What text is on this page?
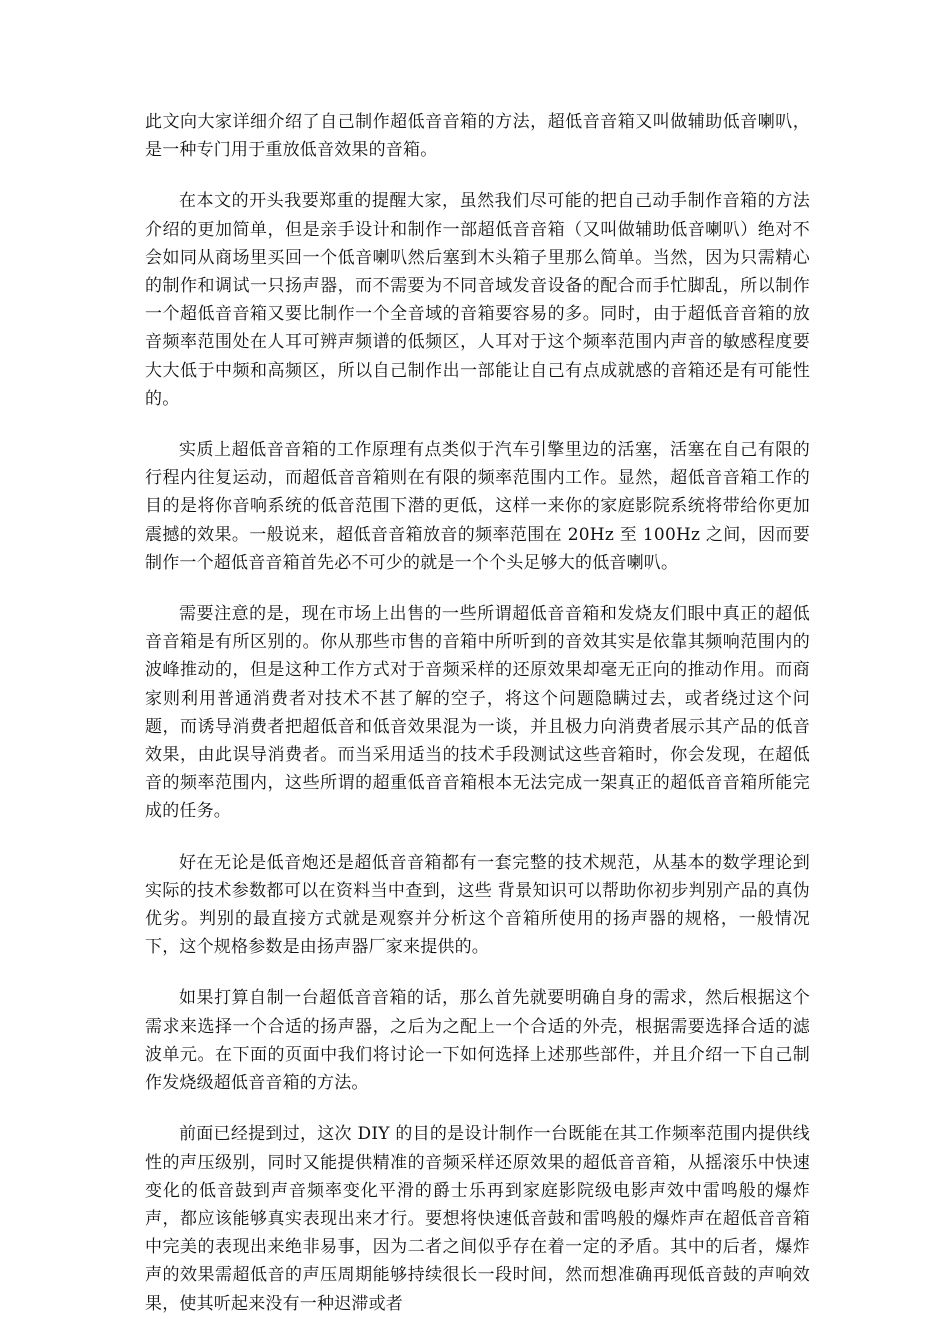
此文向大家详细介绍了自己制作超低音音箱的方法，超低音音箱又叫做辅助低音喇叭，是一种专门用于重放低音效果的音箱。

在本文的开头我要郑重的提醒大家，虽然我们尽可能的把自己动手制作音箱的方法介绍的更加简单，但是亲手设计和制作一部超低音音箱（又叫做辅助低音喇叭）绝对不会如同从商场里买回一个低音喇叭然后塞到木头箱子里那么简单。当然，因为只需精心的制作和调试一只扬声器，而不需要为不同音域发音设备的配合而手忙脚乱，所以制作一个超低音音箱又要比制作一个全音域的音箱要容易的多。同时，由于超低音音箱的放音频率范围处在人耳可辨声频谱的低频区，人耳对于这个频率范围内声音的敏感程度要大大低于中频和高频区，所以自己制作出一部能让自己有点成就感的音箱还是有可能性的。

实质上超低音音箱的工作原理有点类似于汽车引擎里边的活塞，活塞在自己有限的行程内往复运动，而超低音音箱则在有限的频率范围内工作。显然，超低音音箱工作的目的是将你音响系统的低音范围下潜的更低，这样一来你的家庭影院系统将带给你更加震撼的效果。一般说来，超低音音箱放音的频率范围在 20Hz 至 100Hz 之间，因而要制作一个超低音音箱首先必不可少的就是一个个头足够大的低音喇叭。

需要注意的是，现在市场上出售的一些所谓超低音音箱和发烧友们眼中真正的超低音音箱是有所区别的。你从那些市售的音箱中所听到的音效其实是依靠其频响范围内的波峰推动的，但是这种工作方式对于音频采样的还原效果却毫无正向的推动作用。而商家则利用普通消费者对技术不甚了解的空子，将这个问题隐瞒过去，或者绕过这个问题，而诱导消费者把超低音和低音效果混为一谈，并且极力向消费者展示其产品的低音效果，由此误导消费者。而当采用适当的技术手段测试这些音箱时，你会发现，在超低音的频率范围内，这些所谓的超重低音音箱根本无法完成一架真正的超低音音箱所能完成的任务。

好在无论是低音炮还是超低音音箱都有一套完整的技术规范，从基本的数学理论到实际的技术参数都可以在资料当中查到，这些 背景知识可以帮助你初步判别产品的真伪优劣。判别的最直接方式就是观察并分析这个音箱所使用的扬声器的规格，一般情况下，这个规格参数是由扬声器厂家来提供的。

如果打算自制一台超低音音箱的话，那么首先就要明确自身的需求，然后根据这个需求来选择一个合适的扬声器，之后为之配上一个合适的外壳，根据需要选择合适的滤波单元。在下面的页面中我们将讨论一下如何选择上述那些部件，并且介绍一下自己制作发烧级超低音音箱的方法。

前面已经提到过，这次 DIY 的目的是设计制作一台既能在其工作频率范围内提供线性的声压级别，同时又能提供精准的音频采样还原效果的超低音音箱，从摇滚乐中快速变化的低音鼓到声音频率变化平滑的爵士乐再到家庭影院级电影声效中雷鸣般的爆炸声，都应该能够真实表现出来才行。要想将快速低音鼓和雷鸣般的爆炸声在超低音音箱中完美的表现出来绝非易事，因为二者之间似乎存在着一定的矛盾。其中的后者，爆炸声的效果需超低音的声压周期能够持续很长一段时间，然而想准确再现低音鼓的声响效果，使其听起来没有一种迟滞或者
